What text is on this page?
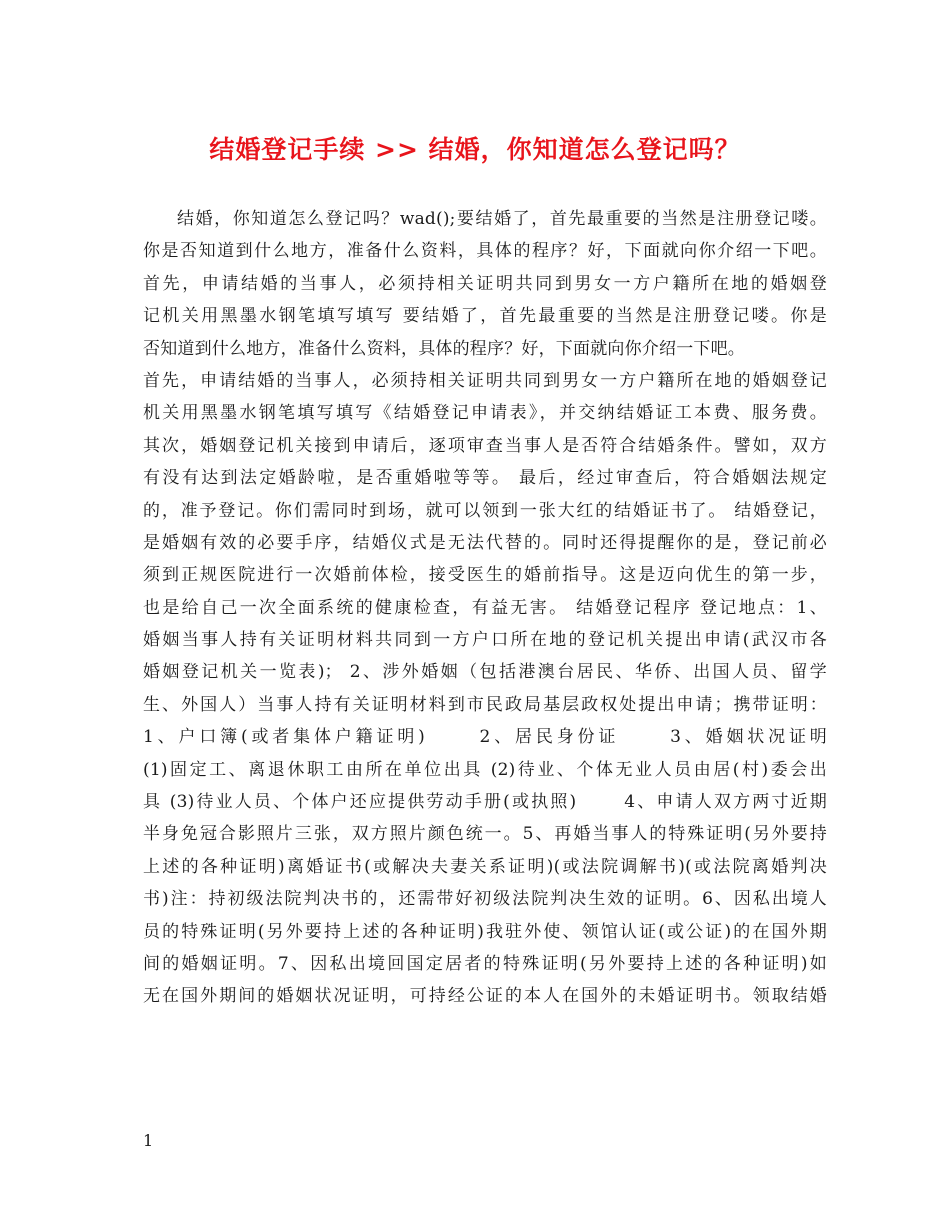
结婚登记手续 >> 结婚，你知道怎么登记吗？
结婚，你知道怎么登记吗？wad();要结婚了，首先最重要的当然是注册登记喽。
你是否知道到什么地方，准备什么资料，具体的程序？好，下面就向你介绍一下吧。
首先，申请结婚的当事人，必须持相关证明共同到男女一方户籍所在地的婚姻登
记机关用黑墨水钢笔填写填写 要结婚了，首先最重要的当然是注册登记喽。你是
否知道到什么地方，准备什么资料，具体的程序？好，下面就向你介绍一下吧。
首先，申请结婚的当事人，必须持相关证明共同到男女一方户籍所在地的婚姻登记
机关用黑墨水钢笔填写填写《结婚登记申请表》，并交纳结婚证工本费、服务费。
其次，婚姻登记机关接到申请后，逐项审查当事人是否符合结婚条件。譬如，双方
有没有达到法定婚龄啦，是否重婚啦等等。 最后，经过审查后，符合婚姻法规定
的，准予登记。你们需同时到场，就可以领到一张大红的结婚证书了。 结婚登记，
是婚姻有效的必要手序，结婚仪式是无法代替的。同时还得提醒你的是，登记前必
须到正规医院进行一次婚前体检，接受医生的婚前指导。这是迈向优生的第一步，
也是给自己一次全面系统的健康检查，有益无害。 结婚登记程序 登记地点：1、
婚姻当事人持有关证明材料共同到一方户口所在地的登记机关提出申请(武汉市各
婚姻登记机关一览表)； 2、涉外婚姻（包括港澳台居民、华侨、出国人员、留学
生、外国人）当事人持有关证明材料到市民政局基层政权处提出申请；携带证明：
1、户口簿(或者集体户籍证明)　　 2、居民身份证　　 3、婚姻状况证明
(1)固定工、离退休职工由所在单位出具 (2)待业、个体无业人员由居(村)委会出
具 (3)待业人员、个体户还应提供劳动手册(或执照)　　 4、申请人双方两寸近期
半身免冠合影照片三张，双方照片颜色统一。5、再婚当事人的特殊证明(另外要持
上述的各种证明)离婚证书(或解决夫妻关系证明)(或法院调解书)(或法院离婚判决
书)注：持初级法院判决书的，还需带好初级法院判决生效的证明。6、因私出境人
员的特殊证明(另外要持上述的各种证明)我驻外使、领馆认证(或公证)的在国外期
间的婚姻证明。7、因私出境回国定居者的特殊证明(另外要持上述的各种证明)如
无在国外期间的婚姻状况证明，可持经公证的本人在国外的未婚证明书。领取结婚
1
